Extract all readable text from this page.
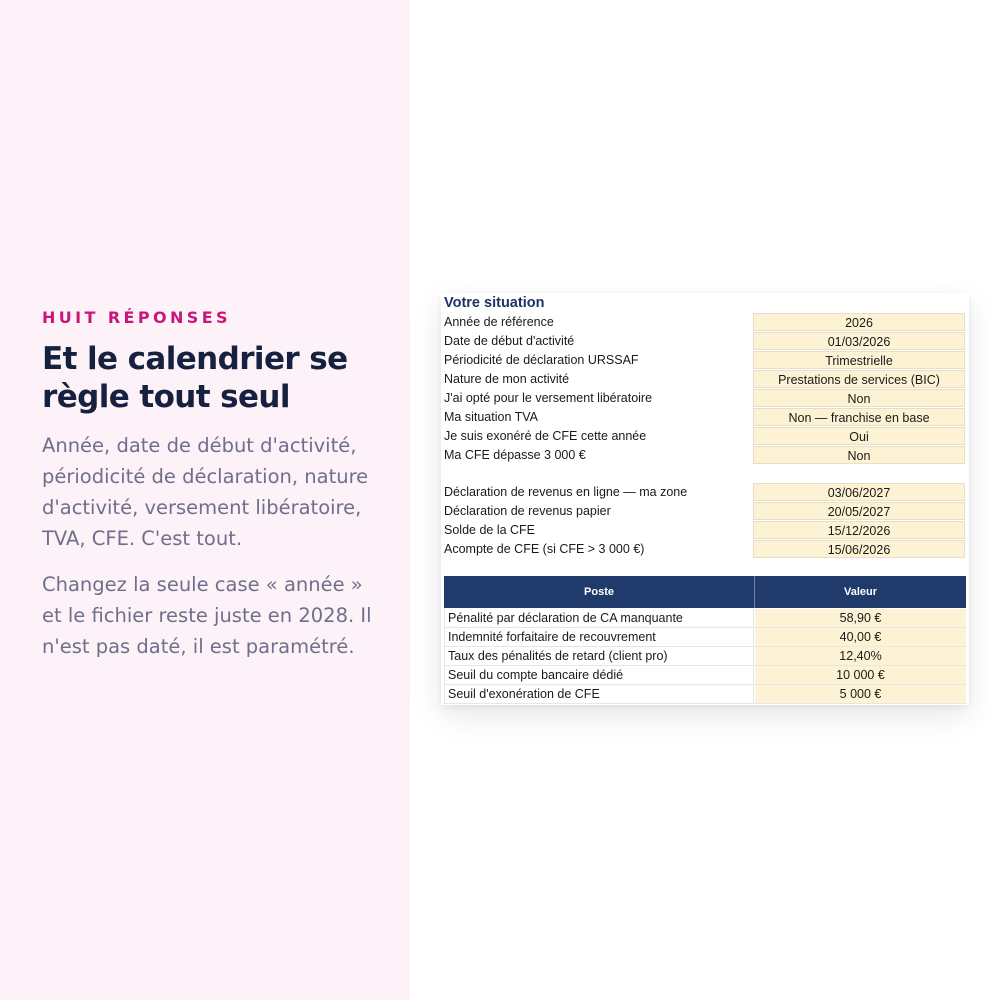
HUIT RÉPONSES
Et le calendrier se règle tout seul
Année, date de début d'activité, périodicité de déclaration, nature d'activité, versement libératoire, TVA, CFE. C'est tout.
Changez la seule case « année » et le fichier reste juste en 2028. Il n'est pas daté, il est paramétré.
Votre situation
Année de référence	2026
Date de début d'activité	01/03/2026
Périodicité de déclaration URSSAF	Trimestrielle
Nature de mon activité	Prestations de services (BIC)
J'ai opté pour le versement libératoire	Non
Ma situation TVA	Non — franchise en base
Je suis exonéré de CFE cette année	Oui
Ma CFE dépasse 3 000 €	Non
Déclaration de revenus en ligne — ma zone	03/06/2027
Déclaration de revenus papier	20/05/2027
Solde de la CFE	15/12/2026
Acompte de CFE (si CFE > 3 000 €)	15/06/2026
Poste	Valeur
Pénalité par déclaration de CA manquante	58,90 €
Indemnité forfaitaire de recouvrement	40,00 €
Taux des pénalités de retard (client pro)	12,40%
Seuil du compte bancaire dédié	10 000 €
Seuil d'exonération de CFE	5 000 €
